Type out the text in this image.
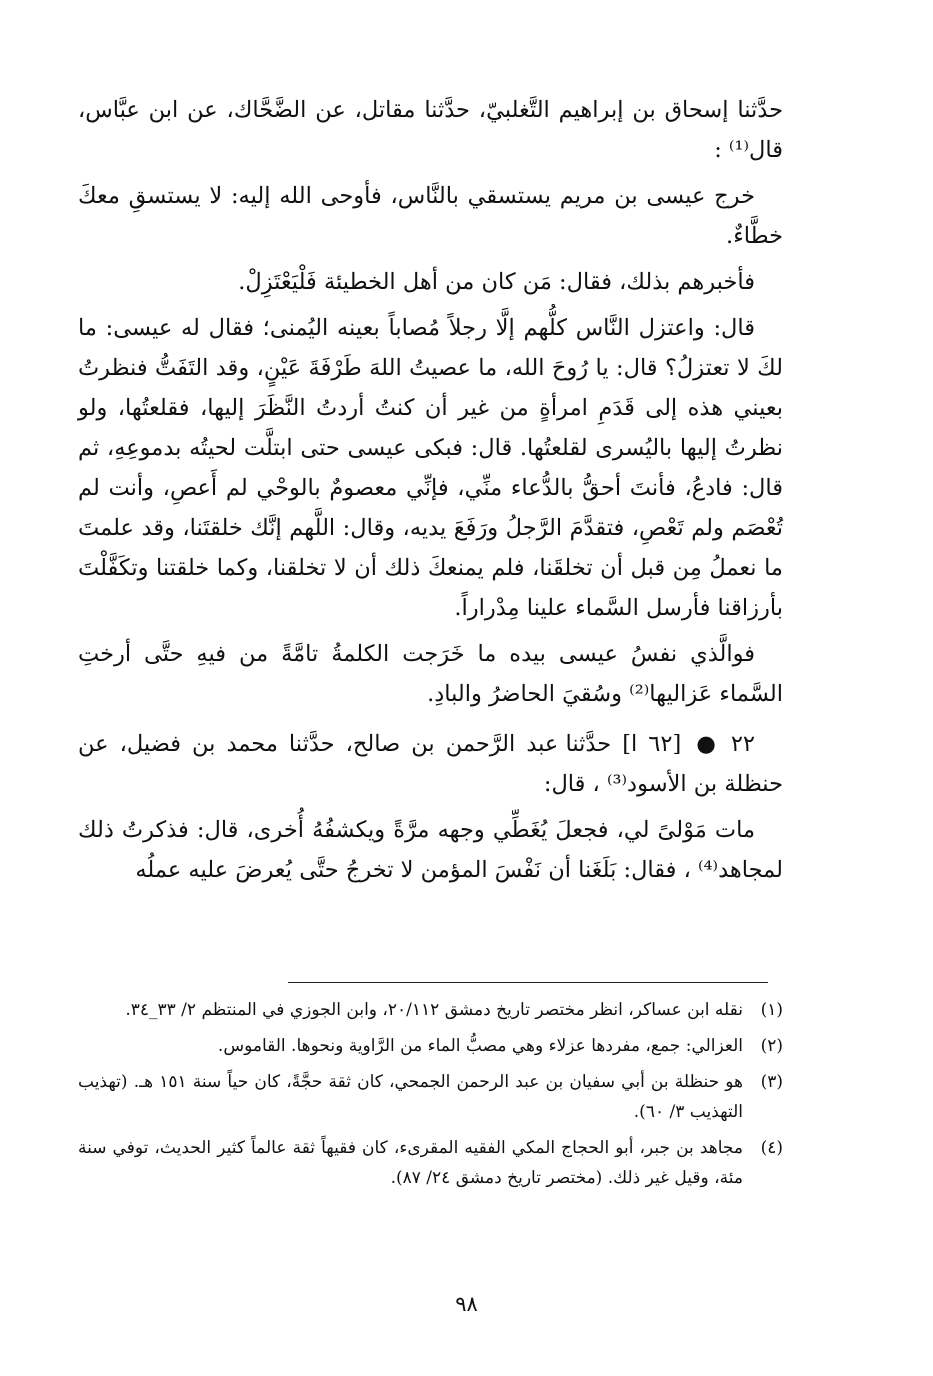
حدَّثنا إسحاق بن إبراهيم التَّغلبيّ، حدَّثنا مقاتل، عن الضَّحَّاك، عن ابن عبَّاس، قال⁽¹⁾ :

خرج عيسى بن مريم يستسقي بالنَّاس، فأوحى الله إليه: لا يستسقِ معكَ خطَّاءٌ.

فأخبرهم بذلك، فقال: مَن كان من أهل الخطيئة فَلْيَعْتَزِلْ.

قال: واعتزل النَّاس كلُّهم إلَّا رجلاً مُصاباً بعينه اليُمنى؛ فقال له عيسى: ما لكَ لا تعتزلُ؟ قال: يا رُوحَ الله، ما عصيتُ اللهَ طَرْفَةَ عَيْنٍ، وقد التَفَتُّ فنظرتُ بعيني هذه إلى قَدَمِ امرأةٍ من غير أن كنتُ أردتُ النَّظَرَ إليها، فقلعتُها، ولو نظرتُ إليها باليُسرى لقلعتُها. قال: فبكى عيسى حتى ابتلَّت لحيتُه بدموعِهِ، ثم قال: فادعُ، فأنتَ أحقُّ بالدُّعاء منِّي، فإنِّي معصومٌ بالوحْي لم أَعصِ، وأنت لم تُعْصَم ولم تَعْصِ، فتقدَّمَ الرَّجلُ ورَفَعَ يديه، وقال: اللَّهم إنَّك خلقتَنا، وقد علمتَ ما نعملُ مِن قبل أن تخلقَنا، فلم يمنعكَ ذلك أن لا تخلقنا، وكما خلقتنا وتكَفَّلْتَ بأرزاقنا فأرسل السَّماء علينا مِدْراراً.

فوالَّذي نفسُ عيسى بيده ما خَرَجت الكلمةُ تامَّةً من فيهِ حتَّى أرختِ السَّماء عَزاليها⁽²⁾ وسُقيَ الحاضرُ والبادِ.

٢٢ ● [٦٢ ا] حدَّثنا عبد الرَّحمن بن صالح، حدَّثنا محمد بن فضيل، عن حنظلة بن الأسود⁽³⁾ ، قال:

مات مَوْلىً لي، فجعلَ يُغَطِّي وجهه مرَّةً ويكشفُهُ أُخرى، قال: فذكرتُ ذلك لمجاهد⁽⁴⁾ ، فقال: بَلَغَنا أن نَفْسَ المؤمن لا تخرجُ حتَّى يُعرضَ عليه عملُه

(١)
نقله ابن عساكر، انظر مختصر تاريخ دمشق ٢٠/١١٢، وابن الجوزي في المنتظم ٢/ ٣٣_٣٤.
(٢)
العزالي: جمع، مفردها عزلاء وهي مصبُّ الماء من الرَّاوية ونحوها. القاموس.
(٣)
هو حنظلة بن أبي سفيان بن عبد الرحمن الجمحي، كان ثقة حجَّةً، كان حياً سنة ١٥١ هـ. (تهذيب التهذيب ٣/ ٦٠).
(٤)
مجاهد بن جبر، أبو الحجاج المكي الفقيه المقرىء، كان فقيهاً ثقة عالماً كثير الحديث، توفي سنة مئة، وقيل غير ذلك. (مختصر تاريخ دمشق ٢٤/ ٨٧).
٩٨
